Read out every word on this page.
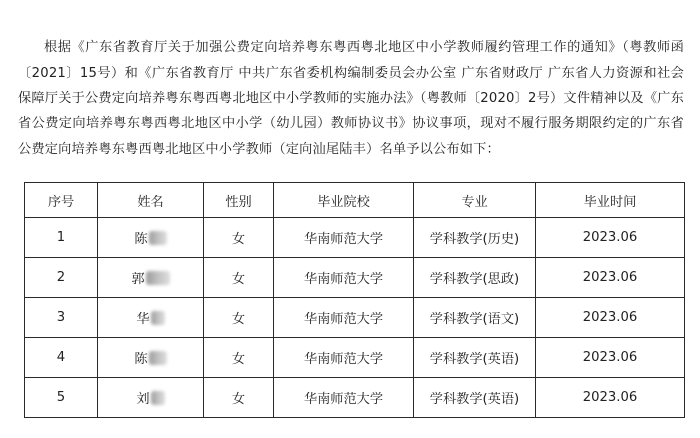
根据《广东省教育厅关于加强公费定向培养粤东粤西粤北地区中小学教师履约管理工作的通知》（粤教师函〔2021〕15号）和《广东省教育厅 中共广东省委机构编制委员会办公室 广东省财政厅 广东省人力资源和社会保障厅关于公费定向培养粤东粤西粤北地区中小学教师的实施办法》（粤教师〔2020〕2号）文件精神以及《广东省公费定向培养粤东粤西粤北地区中小学（幼儿园）教师协议书》协议事项，现对不履行服务期限约定的广东省公费定向培养粤东粤西粤北地区中小学教师（定向汕尾陆丰）名单予以公布如下：

序号	姓名	性别	毕业院校	专业	毕业时间
1	陈	女	华南师范大学	学科教学(历史)	2023.06
2	郭	女	华南师范大学	学科教学(思政)	2023.06
3	华	女	华南师范大学	学科教学(语文)	2023.06
4	陈	女	华南师范大学	学科教学(英语)	2023.06
5	刘	女	华南师范大学	学科教学(英语)	2023.06
